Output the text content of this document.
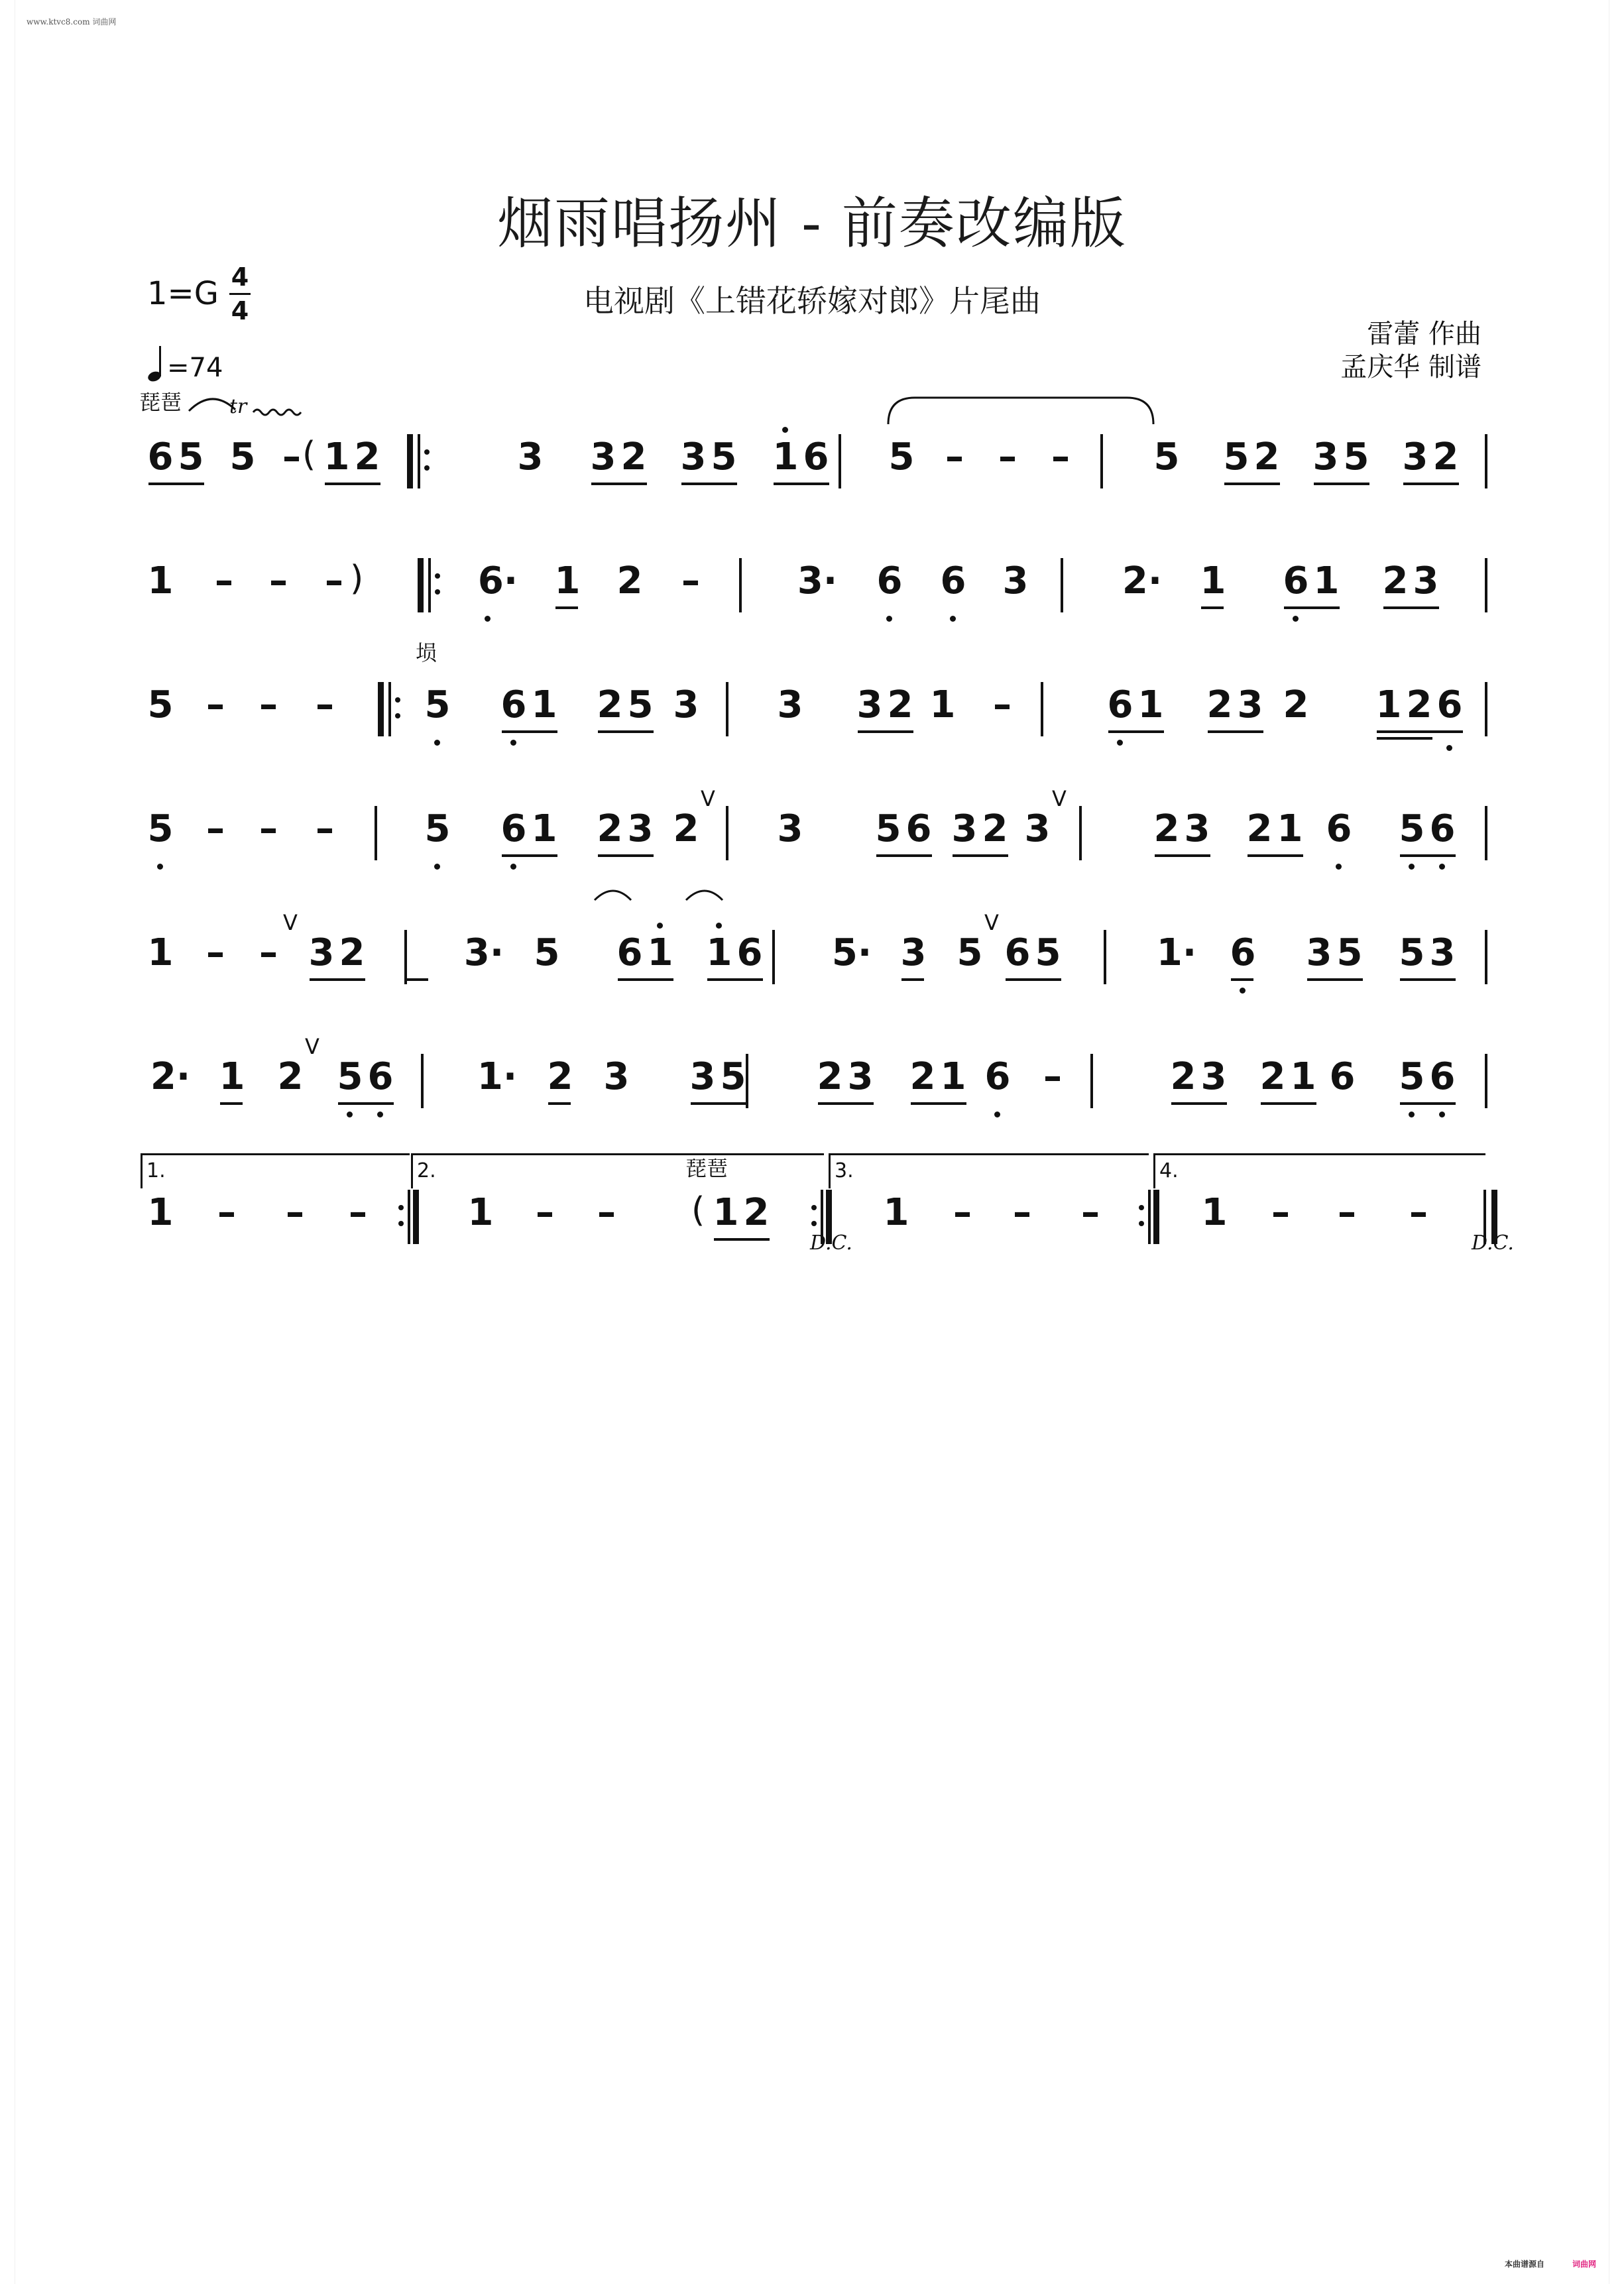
www.ktvc8.com 词曲网
本曲谱源自	词曲网
烟雨唱扬州 - 前奏改编版
电视剧《上错花轿嫁对郎》片尾曲
1=G 4
4
=74
雷蕾 作曲
孟庆华 制谱
6 5 5 – ( 1 2	3 3 2 3 5 1 6 5 – – – 5 5 2 3 5 3 2
1 – – – )	6· 1 2 –	3· 6 6 3	2· 1 6 1 2 3
5 – – – 5 6 1 2 5 3 3 3 2 1 –	6 1 2 3 2 1 2 6
5 – – – 5 6 1 2 3 2
V
3 5 6 3 2 3
V
2 3 2 1 6 5 6
1 – –
V
3 2	3· 5 6 1 1 6 5· 3 5
V
6 5	1· 6 3 5 5 3
2· 1 2
V
5 6 1· 2 3 3 5 2 3 2 1 6 –	2 3 2 1 6 5 6
1 – – –	1 – – ( 1 2	1 – – –	1 – – –
琵琶
琵琶
埙
tr
D.C.	D.C.
1.	2.	3.	4.
